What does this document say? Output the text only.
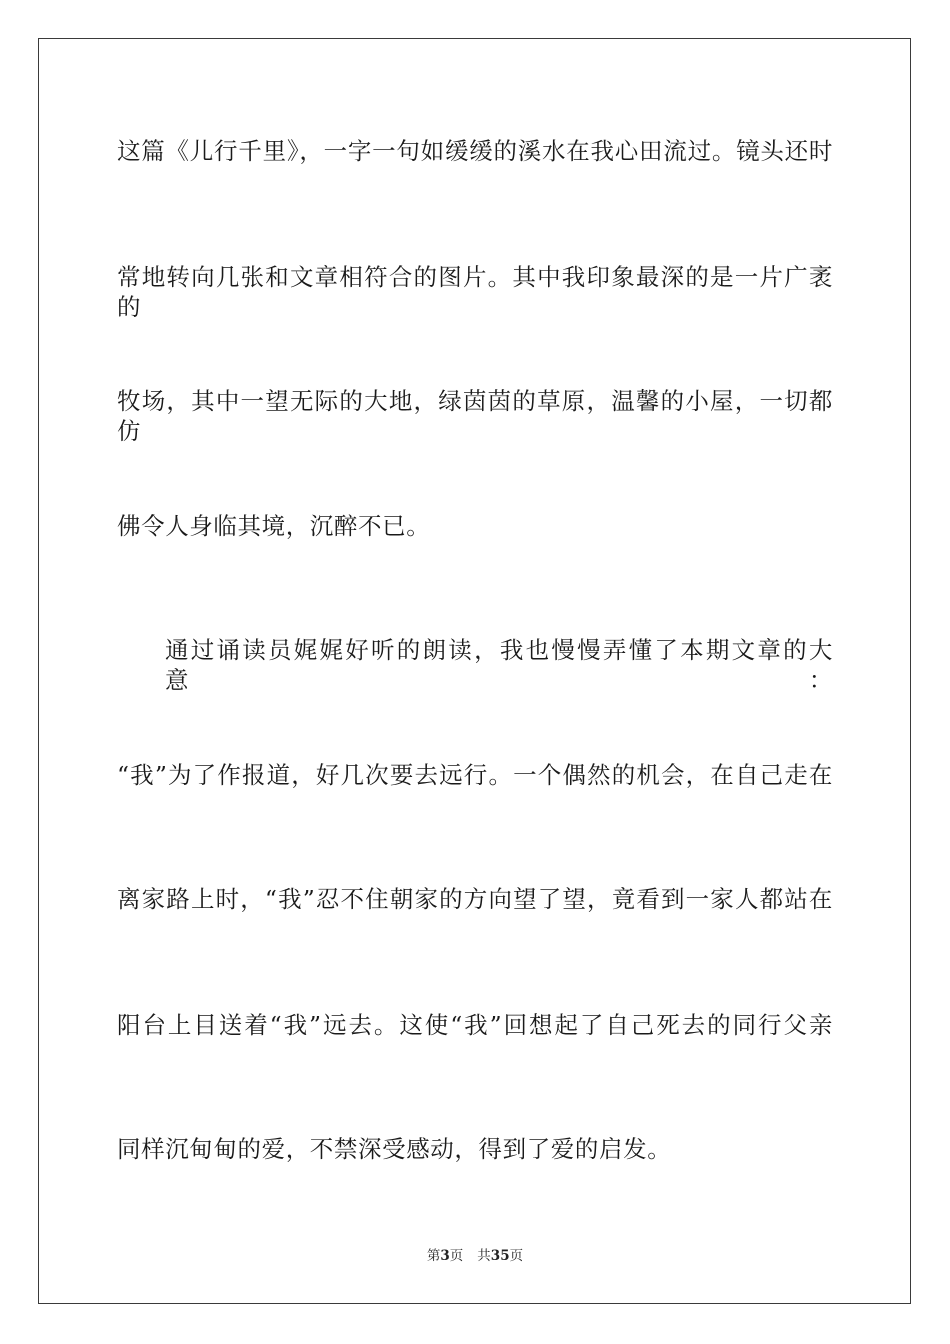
这篇《儿行千里》，一字一句如缓缓的溪水在我心田流过。镜头还时
常地转向几张和文章相符合的图片。其中我印象最深的是一片广袤的
牧场，其中一望无际的大地，绿茵茵的草原，温馨的小屋，一切都仿
佛令人身临其境，沉醉不已。
通过诵读员娓娓好听的朗读，我也慢慢弄懂了本期文章的大意：
“我”为了作报道，好几次要去远行。一个偶然的机会，在自己走在
离家路上时，“我”忍不住朝家的方向望了望，竟看到一家人都站在
阳台上目送着“我”远去。这使“我”回想起了自己死去的同行父亲
同样沉甸甸的爱，不禁深受感动，得到了爱的启发。
第3页 共35页
